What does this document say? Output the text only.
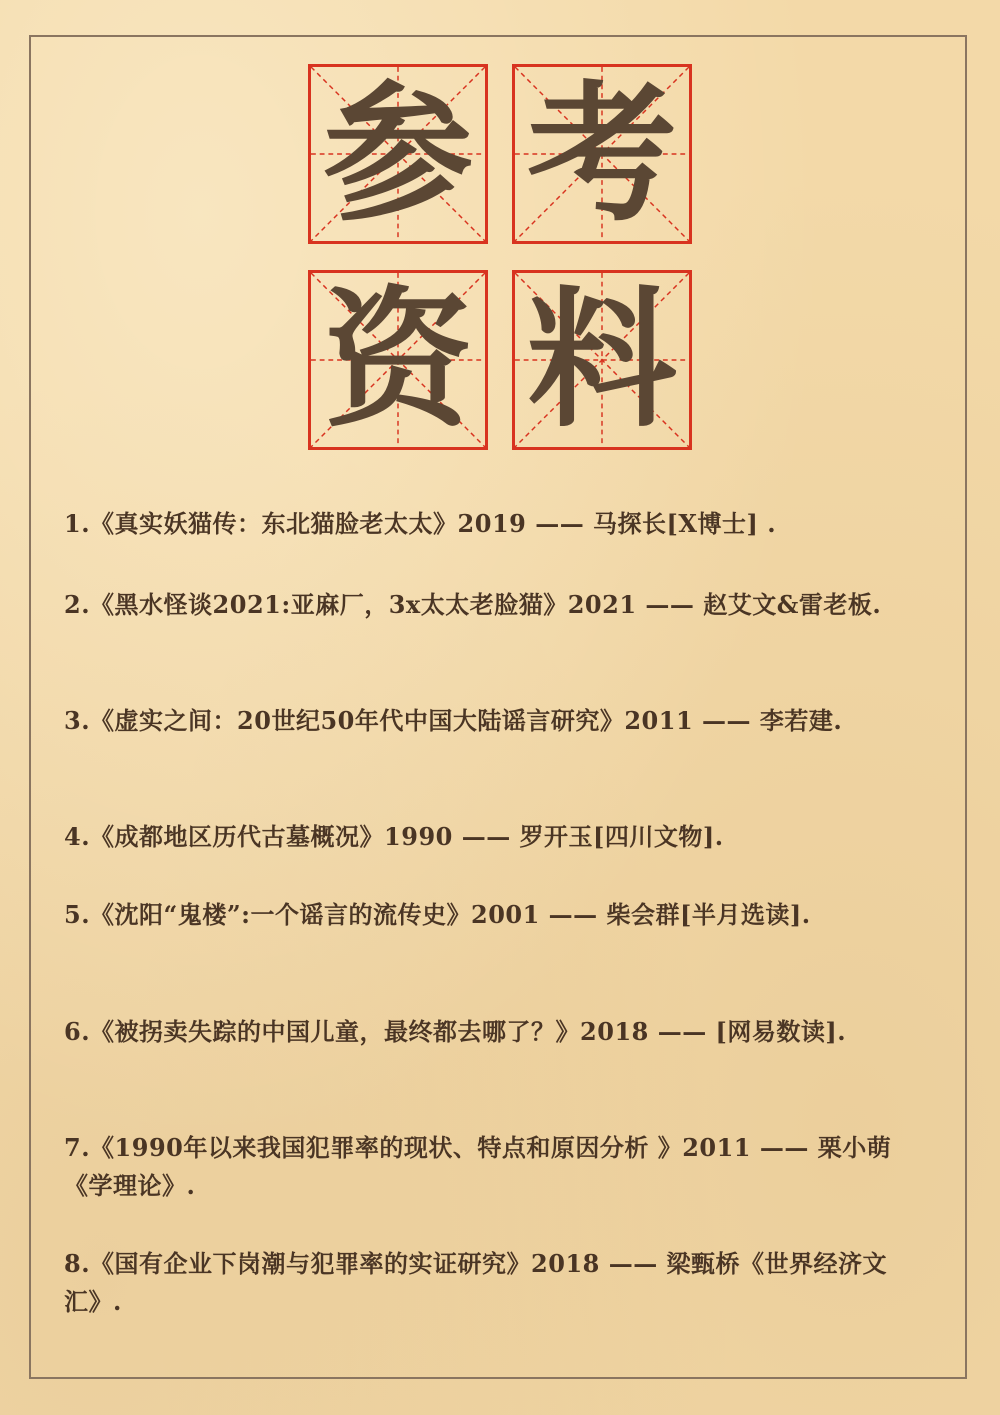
参 考
资 料
1.《真实妖猫传：东北猫脸老太太》2019 —— 马探长[X博士] .
2.《黑水怪谈2021:亚麻厂，3x太太老脸猫》2021 —— 赵艾文&雷老板.
3.《虚实之间：20世纪50年代中国大陆谣言研究》2011 —— 李若建.
4.《成都地区历代古墓概况》1990 —— 罗开玉[四川文物].
5.《沈阳“鬼楼”:一个谣言的流传史》2001 —— 柴会群[半月选读].
6.《被拐卖失踪的中国儿童，最终都去哪了？》2018 —— [网易数读].
7.《1990年以来我国犯罪率的现状、特点和原因分析 》2011 —— 栗小萌《学理论》.
8.《国有企业下岗潮与犯罪率的实证研究》2018 —— 梁甄桥《世界经济文汇》.
